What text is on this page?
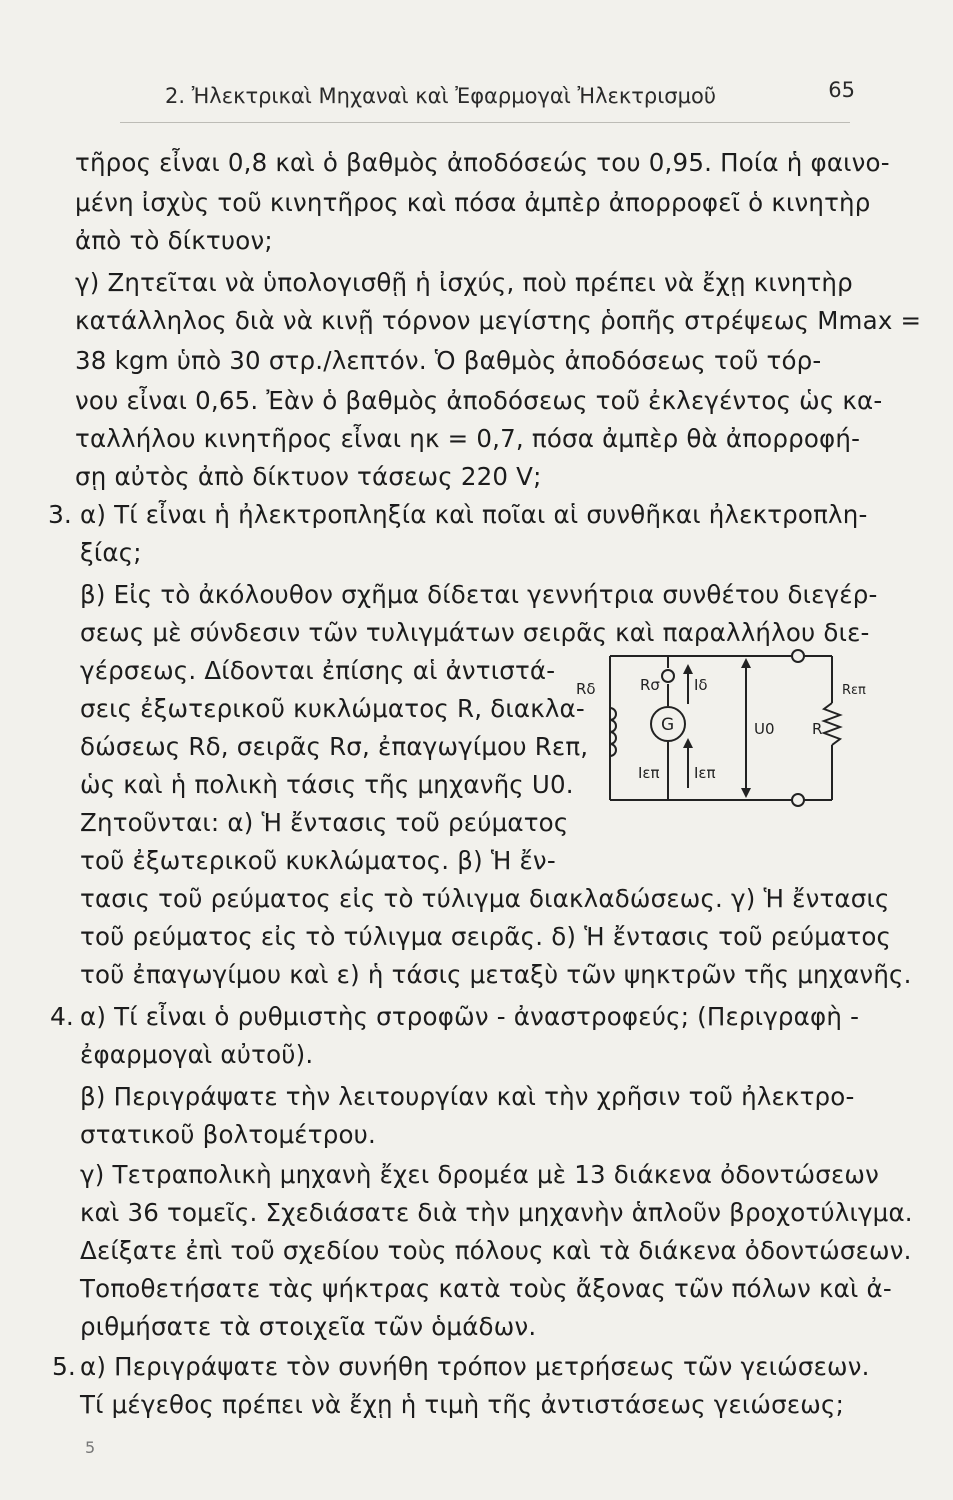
2. Ἠλεκτρικαὶ Μηχαναὶ καὶ Ἐφαρμογαὶ Ἠλεκτρισμοῦ	65
τῆρος εἶναι 0,8 καὶ ὁ βαθμὸς ἀποδόσεώς του 0,95. Ποία ἡ φαινο-
μένη ἰσχὺς τοῦ κινητῆρος καὶ πόσα ἀμπὲρ ἀπορροφεῖ ὁ κινητὴρ
ἀπὸ τὸ δίκτυον;
γ) Ζητεῖται νὰ ὑπολογισθῇ ἡ ἰσχύς, ποὺ πρέπει νὰ ἔχῃ κινητὴρ
κατάλληλος διὰ νὰ κινῇ τόρνον μεγίστης ῥοπῆς στρέψεως Mmax =
38 kgm ὑπὸ 30 στρ./λεπτόν. Ὁ βαθμὸς ἀποδόσεως τοῦ τόρ-
νου εἶναι 0,65. Ἐὰν ὁ βαθμὸς ἀποδόσεως τοῦ ἐκλεγέντος ὡς κα-
ταλλήλου κινητῆρος εἶναι ηκ = 0,7, πόσα ἀμπὲρ θὰ ἀπορροφή-
σῃ αὐτὸς ἀπὸ δίκτυον τάσεως 220 V;
3. α) Τί εἶναι ἡ ἠλεκτροπληξία καὶ ποῖαι αἱ συνθῆκαι ἠλεκτροπλη-
ξίας;
β) Εἰς τὸ ἀκόλουθον σχῆμα δίδεται γεννήτρια συνθέτου διεγέρ-
σεως μὲ σύνδεσιν τῶν τυλιγμάτων σειρᾶς καὶ παραλλήλου διε-
γέρσεως. Δίδονται ἐπίσης αἱ ἀντιστά-
σεις ἐξωτερικοῦ κυκλώματος R, διακλα-
δώσεως Rδ, σειρᾶς Rσ, ἐπαγωγίμου Rεπ,
ὡς καὶ ἡ πολικὴ τάσις τῆς μηχανῆς U0.
Ζητοῦνται: α) Ἡ ἔντασις τοῦ ρεύματος
τοῦ ἐξωτερικοῦ κυκλώματος. β) Ἡ ἔν-
τασις τοῦ ρεύματος εἰς τὸ τύλιγμα διακλαδώσεως. γ) Ἡ ἔντασις
τοῦ ρεύματος εἰς τὸ τύλιγμα σειρᾶς. δ) Ἡ ἔντασις τοῦ ρεύματος
τοῦ ἐπαγωγίμου καὶ ε) ἡ τάσις μεταξὺ τῶν ψηκτρῶν τῆς μηχανῆς.
Rσ
Rδ	Iδ
G
Iεπ Iεπ
U0 R
Rεπ
4. α) Τί εἶναι ὁ ρυθμιστὴς στροφῶν - ἀναστροφεύς; (Περιγραφὴ -
ἐφαρμογαὶ αὐτοῦ).
β) Περιγράψατε τὴν λειτουργίαν καὶ τὴν χρῆσιν τοῦ ἠλεκτρο-
στατικοῦ βολτομέτρου.
γ) Τετραπολικὴ μηχανὴ ἔχει δρομέα μὲ 13 διάκενα ὀδοντώσεων
καὶ 36 τομεῖς. Σχεδιάσατε διὰ τὴν μηχανὴν ἁπλοῦν βροχοτύλιγμα.
Δείξατε ἐπὶ τοῦ σχεδίου τοὺς πόλους καὶ τὰ διάκενα ὀδοντώσεων.
Τοποθετήσατε τὰς ψήκτρας κατὰ τοὺς ἄξονας τῶν πόλων καὶ ἀ-
ριθμήσατε τὰ στοιχεῖα τῶν ὁμάδων.
5. α) Περιγράψατε τὸν συνήθη τρόπον μετρήσεως τῶν γειώσεων.
Τί μέγεθος πρέπει νὰ ἔχῃ ἡ τιμὴ τῆς ἀντιστάσεως γειώσεως;
5
